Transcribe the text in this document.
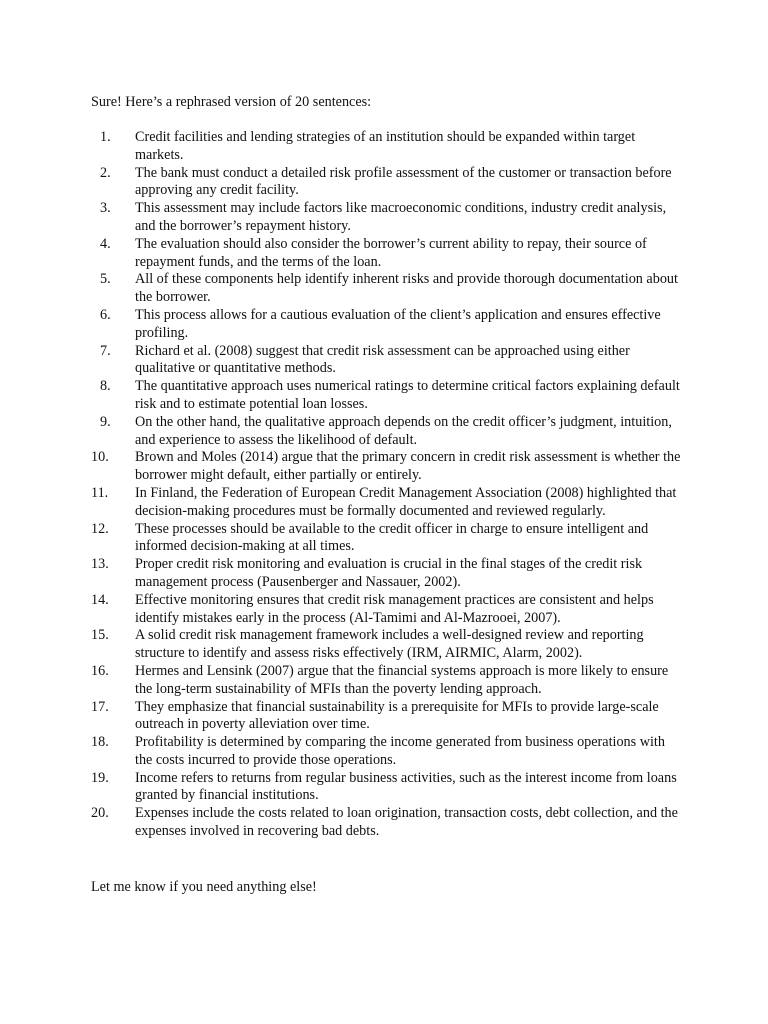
Sure! Here’s a rephrased version of 20 sentences:

1.	Credit facilities and lending strategies of an institution should be expanded within target markets.
2.	The bank must conduct a detailed risk profile assessment of the customer or transaction before approving any credit facility.
3.	This assessment may include factors like macroeconomic conditions, industry credit analysis, and the borrower’s repayment history.
4.	The evaluation should also consider the borrower’s current ability to repay, their source of repayment funds, and the terms of the loan.
5.	All of these components help identify inherent risks and provide thorough documentation about the borrower.
6.	This process allows for a cautious evaluation of the client’s application and ensures effective profiling.
7.	Richard et al. (2008) suggest that credit risk assessment can be approached using either qualitative or quantitative methods.
8.	The quantitative approach uses numerical ratings to determine critical factors explaining default risk and to estimate potential loan losses.
9.	On the other hand, the qualitative approach depends on the credit officer’s judgment, intuition, and experience to assess the likelihood of default.
10.	Brown and Moles (2014) argue that the primary concern in credit risk assessment is whether the borrower might default, either partially or entirely.
11.	In Finland, the Federation of European Credit Management Association (2008) highlighted that decision-making procedures must be formally documented and reviewed regularly.
12.	These processes should be available to the credit officer in charge to ensure intelligent and informed decision-making at all times.
13.	Proper credit risk monitoring and evaluation is crucial in the final stages of the credit risk management process (Pausenberger and Nassauer, 2002).
14.	Effective monitoring ensures that credit risk management practices are consistent and helps identify mistakes early in the process (Al-Tamimi and Al-Mazrooei, 2007).
15.	A solid credit risk management framework includes a well-designed review and reporting structure to identify and assess risks effectively (IRM, AIRMIC, Alarm, 2002).
16.	Hermes and Lensink (2007) argue that the financial systems approach is more likely to ensure the long-term sustainability of MFIs than the poverty lending approach.
17.	They emphasize that financial sustainability is a prerequisite for MFIs to provide large-scale outreach in poverty alleviation over time.
18.	Profitability is determined by comparing the income generated from business operations with the costs incurred to provide those operations.
19.	Income refers to returns from regular business activities, such as the interest income from loans granted by financial institutions.
20.	Expenses include the costs related to loan origination, transaction costs, debt collection, and the expenses involved in recovering bad debts.

Let me know if you need anything else!
